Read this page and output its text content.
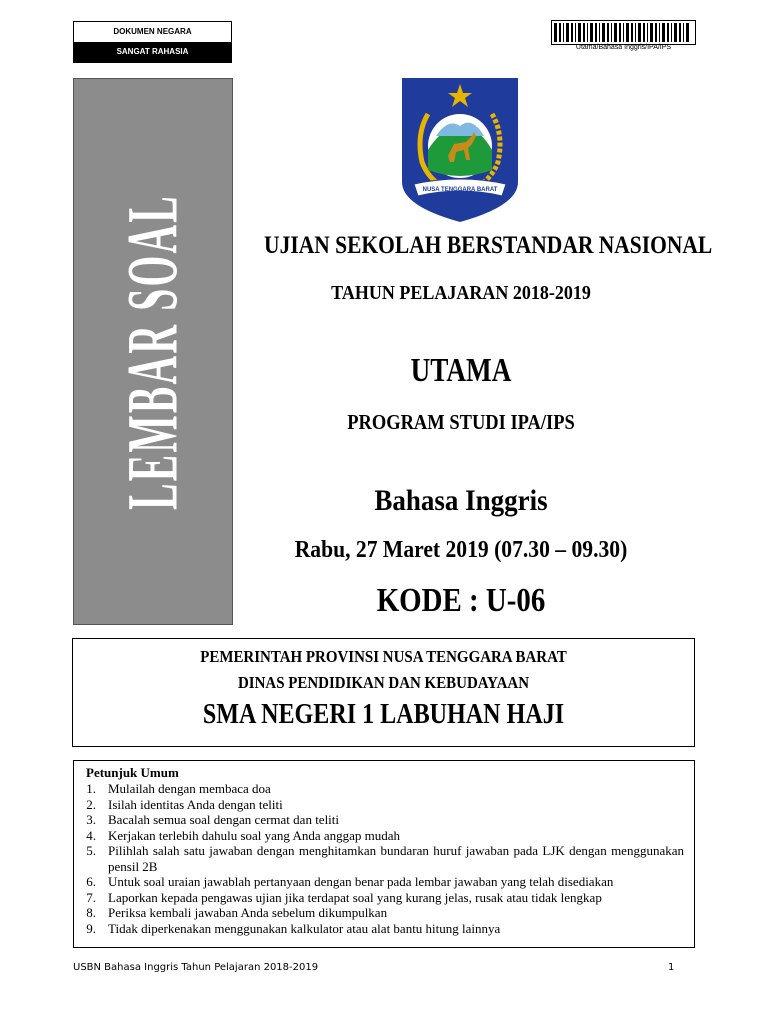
DOKUMEN NEGARA
SANGAT RAHASIA	Utama/Bahasa Inggris/IPA/IPS
LEMBAR SOAL
NUSA TENGGARA BARAT
UJIAN SEKOLAH BERSTANDAR NASIONAL
TAHUN PELAJARAN 2018-2019
UTAMA
PROGRAM STUDI IPA/IPS
Bahasa Inggris
Rabu, 27 Maret 2019 (07.30 – 09.30)
KODE : U-06
PEMERINTAH PROVINSI NUSA TENGGARA BARAT
DINAS PENDIDIKAN DAN KEBUDAYAAN
SMA NEGERI 1 LABUHAN HAJI
Petunjuk Umum
1. Mulailah dengan membaca doa
2. Isilah identitas Anda dengan teliti
3. Bacalah semua soal dengan cermat dan teliti
4. Kerjakan terlebih dahulu soal yang Anda anggap mudah
5. Pilihlah salah satu jawaban dengan menghitamkan bundaran huruf jawaban pada LJK dengan menggunakan pensil 2B
6. Untuk soal uraian jawablah pertanyaan dengan benar pada lembar jawaban yang telah disediakan
7. Laporkan kepada pengawas ujian jika terdapat soal yang kurang jelas, rusak atau tidak lengkap
8. Periksa kembali jawaban Anda sebelum dikumpulkan
9. Tidak diperkenakan menggunakan kalkulator atau alat bantu hitung lainnya
USBN Bahasa Inggris Tahun Pelajaran 2018-2019	1
